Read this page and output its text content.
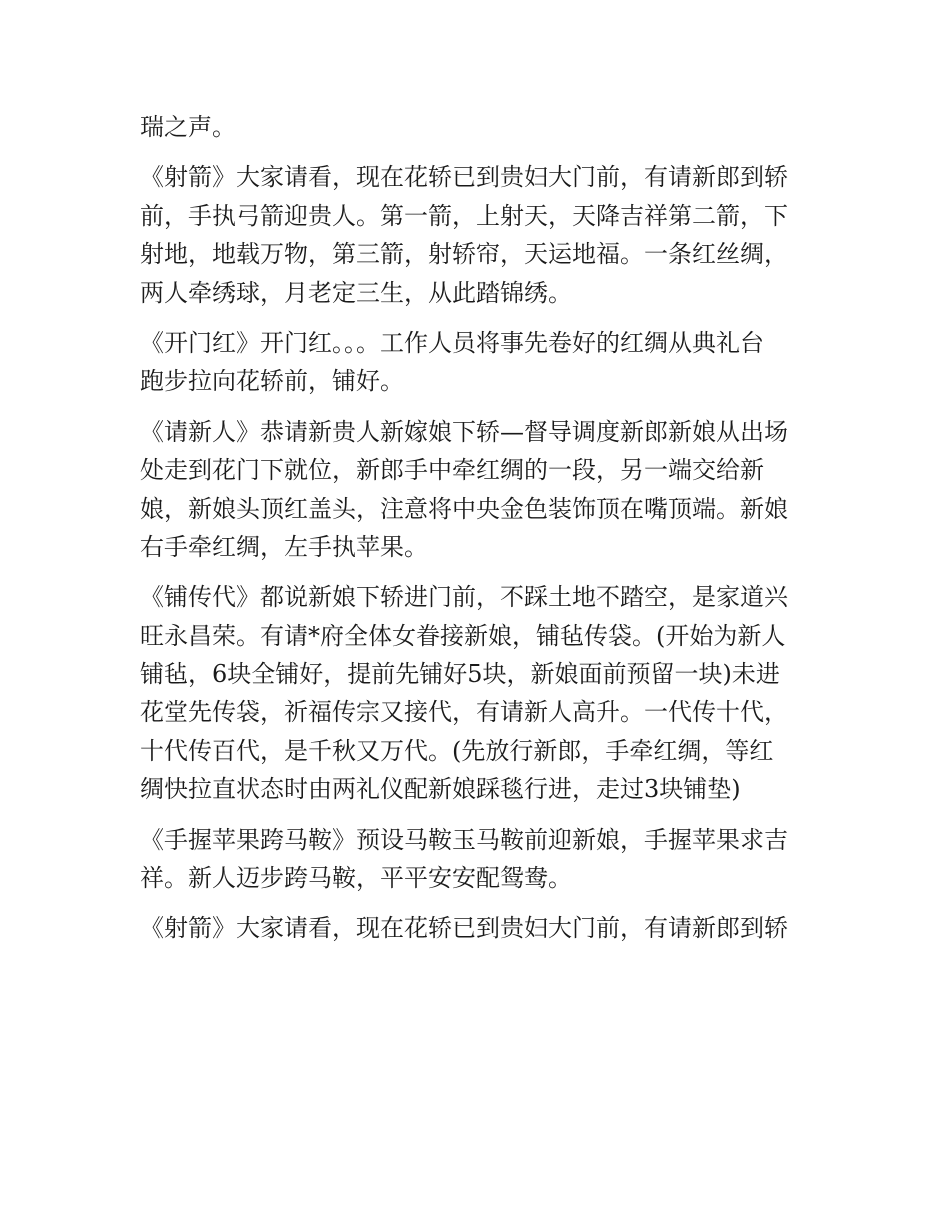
瑞之声。

《射箭》大家请看，现在花轿已到贵妇大门前，有请新郎到轿
前，手执弓箭迎贵人。第一箭，上射天，天降吉祥第二箭，下
射地，地载万物，第三箭，射轿帘，天运地福。一条红丝绸，
两人牵绣球，月老定三生，从此踏锦绣。

《开门红》开门红。。。工作人员将事先卷好的红绸从典礼台
跑步拉向花轿前，铺好。

《请新人》恭请新贵人新嫁娘下轿—督导调度新郎新娘从出场
处走到花门下就位，新郎手中牵红绸的一段，另一端交给新
娘，新娘头顶红盖头，注意将中央金色装饰顶在嘴顶端。新娘
右手牵红绸，左手执苹果。

《铺传代》都说新娘下轿进门前，不踩土地不踏空，是家道兴
旺永昌荣。有请*府全体女眷接新娘，铺毡传袋。(开始为新人
铺毡，6块全铺好，提前先铺好5块，新娘面前预留一块)未进
花堂先传袋，祈福传宗又接代，有请新人高升。一代传十代，
十代传百代，是千秋又万代。(先放行新郎，手牵红绸，等红
绸快拉直状态时由两礼仪配新娘踩毯行进，走过3块铺垫)

《手握苹果跨马鞍》预设马鞍玉马鞍前迎新娘，手握苹果求吉
祥。新人迈步跨马鞍，平平安安配鸳鸯。

《射箭》大家请看，现在花轿已到贵妇大门前，有请新郎到轿
